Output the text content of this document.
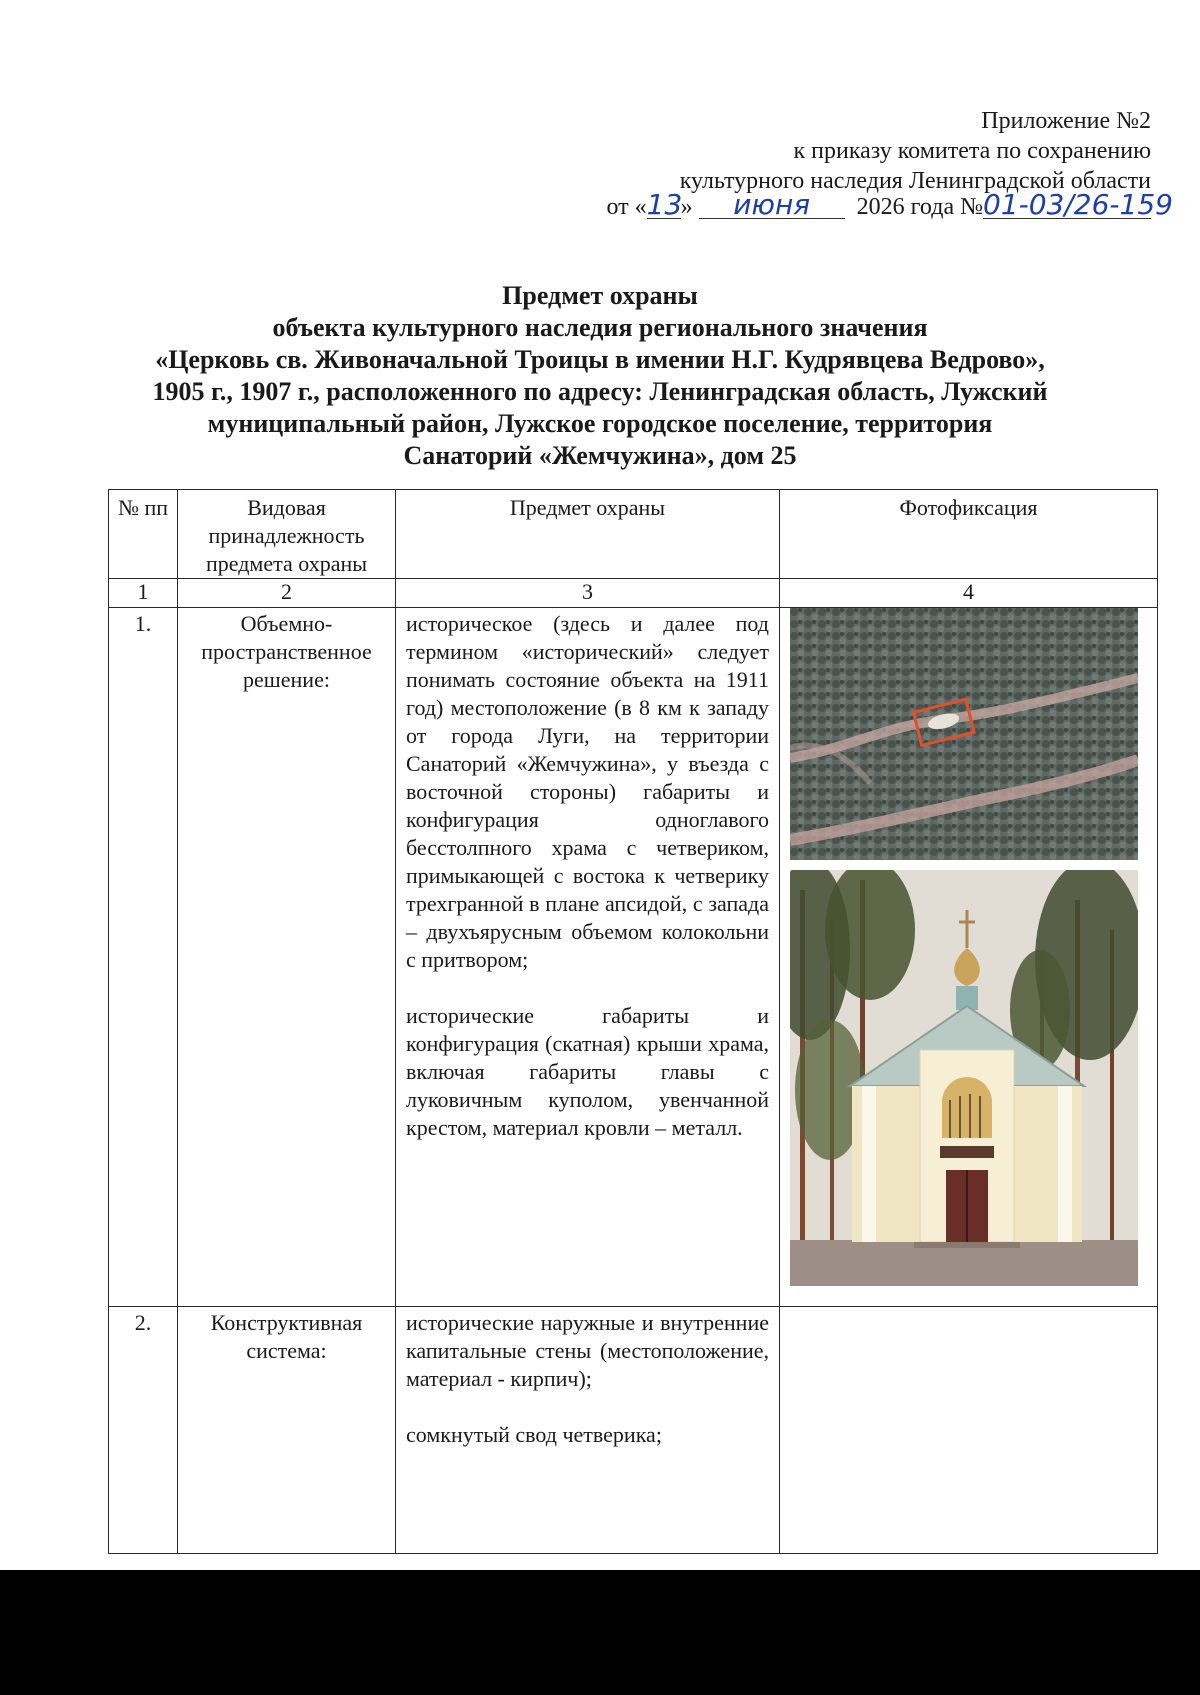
Приложение №2
к приказу комитета по сохранению
культурного наследия Ленинградской области
от «13» июня 2026 года №01-03/26-159
Предмет охраны
объекта культурного наследия регионального значения
«Церковь св. Живоначальной Троицы в имении Н.Г. Кудрявцева Ведрово»,
1905 г., 1907 г., расположенного по адресу: Ленинградская область, Лужский
муниципальный район, Лужское городское поселение, территория
Санаторий «Жемчужина», дом 25
№ пп	Видовая принадлежность предмета охраны	Предмет охраны	Фотофиксация
1	2	3	4
1.	Объемно-пространственное решение:	историческое (здесь и далее под термином «исторический» следует понимать состояние объекта на 1911 год) местоположение (в 8 км к западу от города Луги, на территории Санаторий «Жемчужина», у въезда с восточной стороны) габариты и конфигурация одноглавого бесстолпного храма с четвериком, примыкающей с востока к четверику трехгранной в плане апсидой, с запада – двухъярусным объемом колокольни с притвором;

исторические габариты и конфигурация (скатная) крыши храма, включая габариты главы с луковичным куполом, увенчанной крестом, материал кровли – металл.

2.	Конструктивная система:	исторические наружные и внутренние капитальные стены (местоположение, материал - кирпич);

сомкнутый свод четверика;	
